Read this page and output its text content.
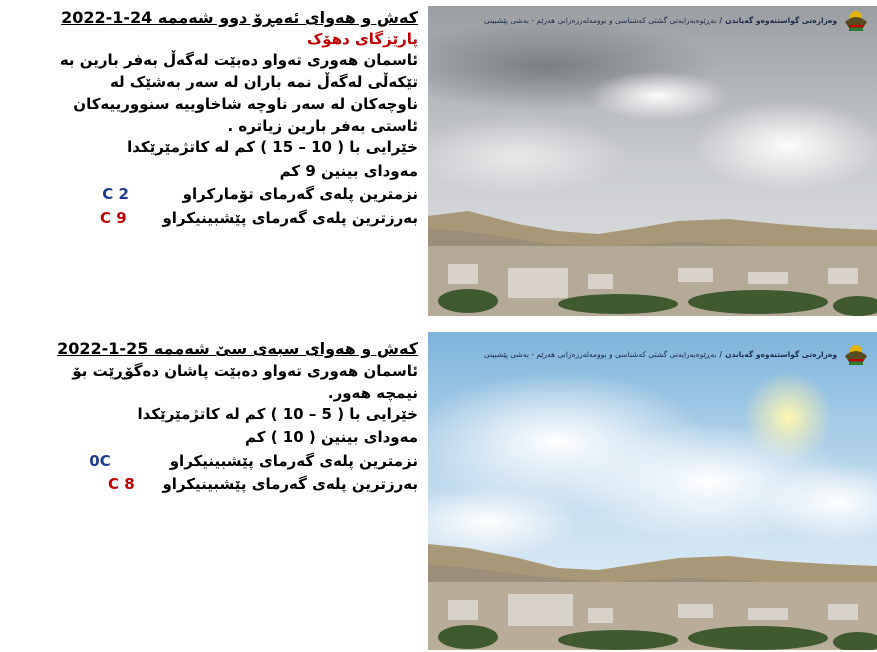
کەش و هەوای ئەمڕۆ دوو شەممە 24-1-2022
پارێزگای دهۆک
ئاسمان هەوری تەواو دەبێت لەگەڵ بەفر بارین بە تێکەڵی لەگەڵ نمە باران لە سەر بەشێک لە ناوچەکان لە سەر ناوچە شاخاوییە سنوورییەکان ئاستی بەفر بارین زیاترە .
خێرایی با ( 10 – 15 ) کم لە کاتژمێرێکدا
مەودای بینین 9 کم
نزمترین پلەی گەرمای تۆمارکراو  2 C
بەرزترین پلەی گەرمای پێشبینیکراو  9 C
کەش و هەوای سبەی سێ شەممە 25-1-2022
ئاسمان هەوری تەواو دەبێت پاشان دەگۆڕێت بۆ نیمچە هەور.
خێرایی با ( 5 – 10 ) کم لە کاتژمێرێکدا
مەودای بینین ( 10 ) کم
نزمترین پلەی گەرمای پێشبینیکراو  0C
بەرزترین پلەی گەرمای پێشبینیکراو  8 C
وەزارەتی گواستنەوەو گەیاندن/بەڕێوەبەرایەتی گشتی کەشناسی و بوومەلەرزەزانی هەرێم - بەشی پێشبینی
وەزارەتی گواستنەوەو گەیاندن/بەڕێوەبەرایەتی گشتی کەشناسی و بوومەلەرزەزانی هەرێم - بەشی پێشبینی
